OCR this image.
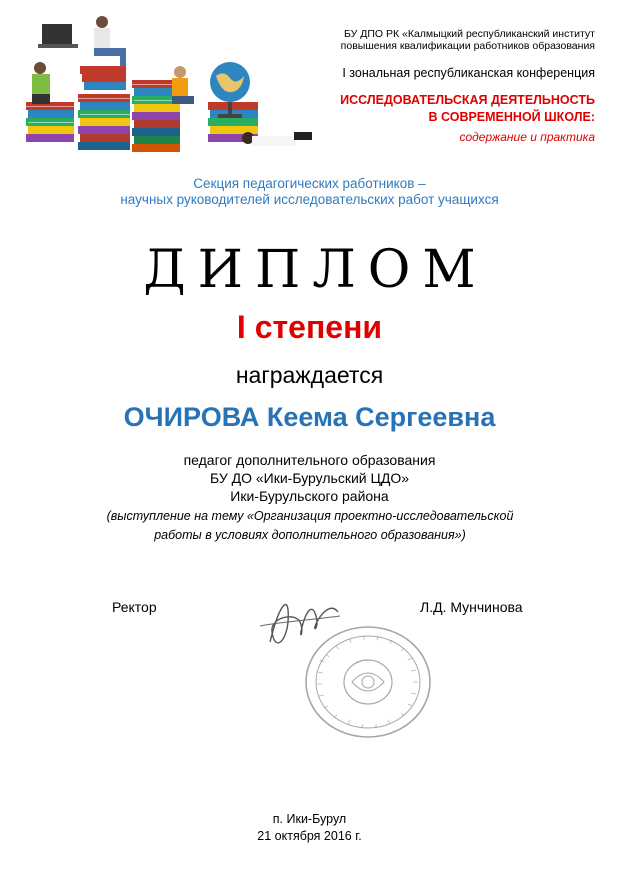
БУ ДПО РК «Калмыцкий республиканский институт
повышения квалификации работников образования
I зональная республиканская конференция
ИССЛЕДОВАТЕЛЬСКАЯ ДЕЯТЕЛЬНОСТЬ
В СОВРЕМЕННОЙ ШКОЛЕ:
содержание и практика
Секция педагогических работников –
научных руководителей исследовательских работ учащихся
ДИПЛОМ
I степени
награждается
ОЧИРОВА Кеема Сергеевна
педагог дополнительного образования
БУ ДО «Ики-Бурульский ЦДО»
Ики-Бурульского района
(выступление на тему «Организация проектно-исследовательской
работы в условиях дополнительного образования»)
Ректор	Л.Д. Мунчинова
п. Ики-Бурул
21 октября 2016 г.
